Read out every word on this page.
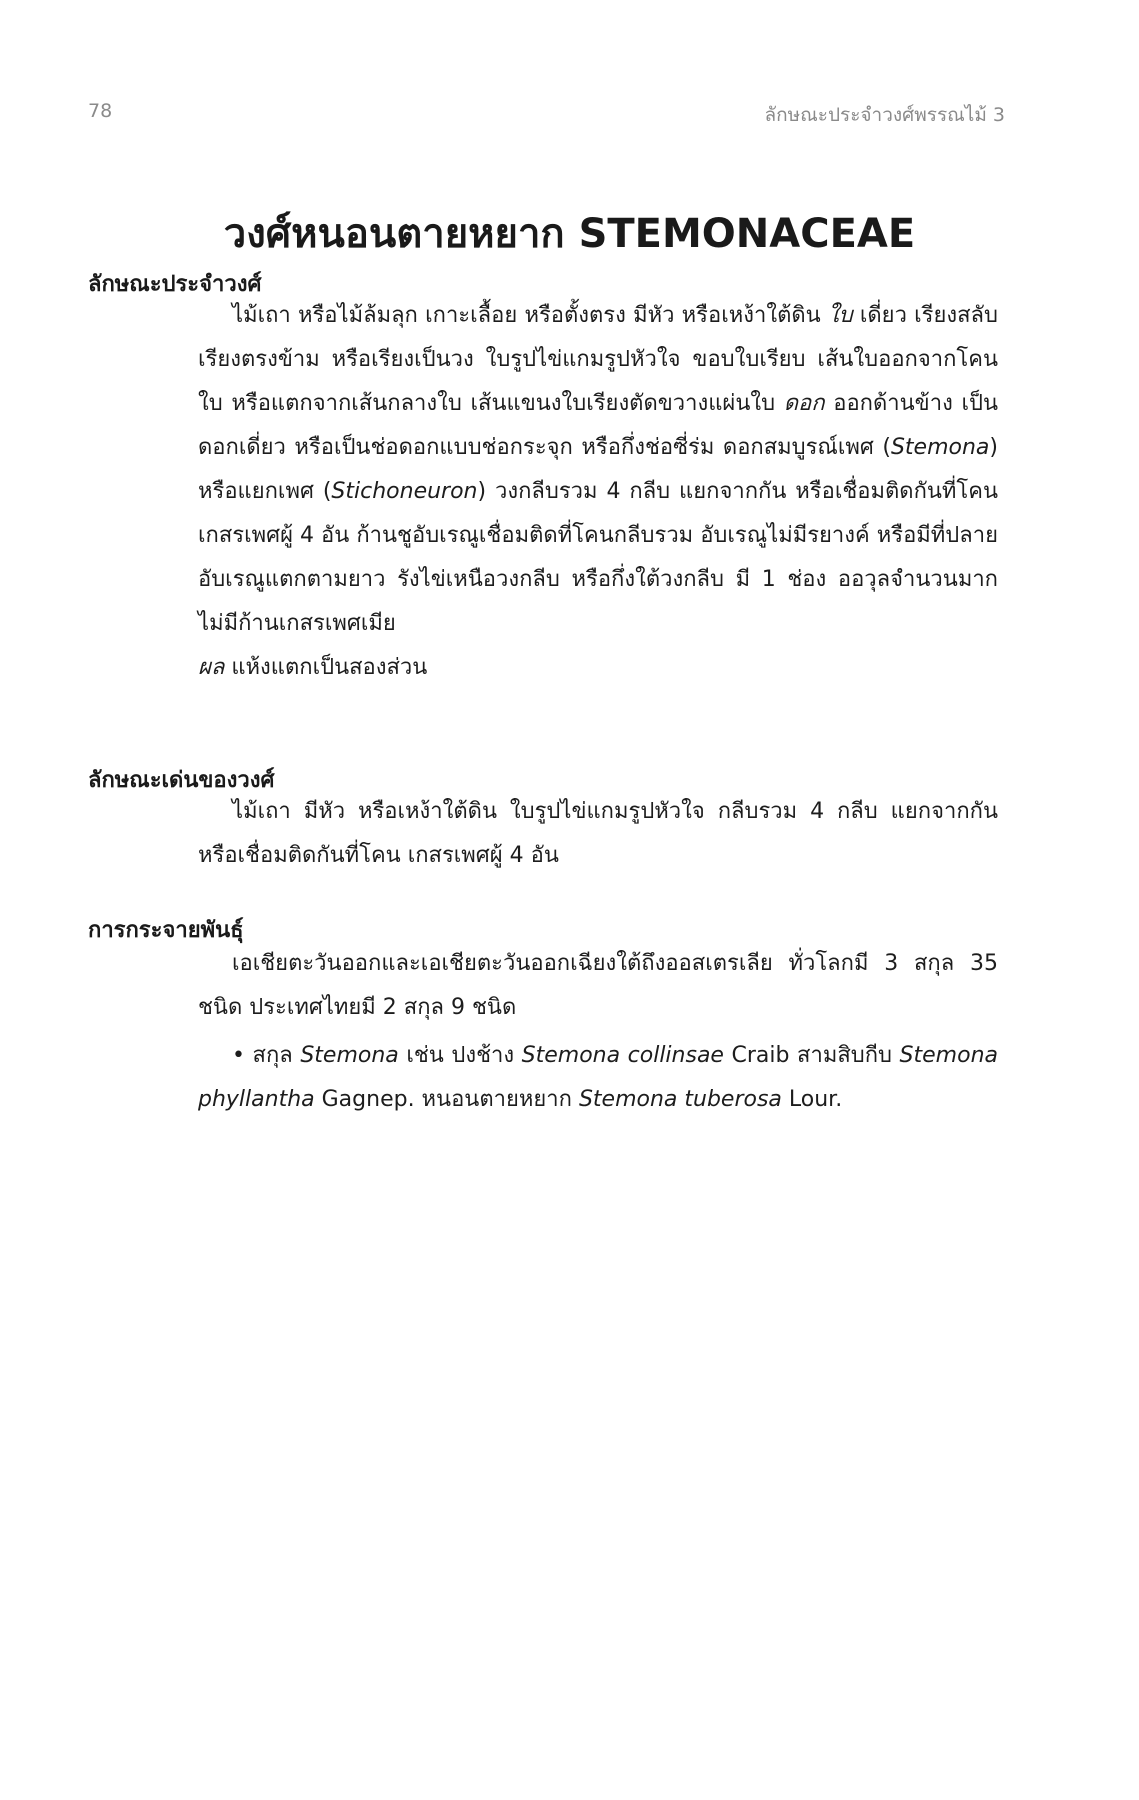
78	ลักษณะประจำวงศ์พรรณไม้ 3
วงศ์หนอนตายหยาก STEMONACEAE
ลักษณะประจำวงศ์

ไม้เถา หรือไม้ล้มลุก เกาะเลื้อย หรือตั้งตรง มีหัว หรือเหง้าใต้ดิน ใบ เดี่ยว เรียงสลับ เรียงตรงข้าม หรือเรียงเป็นวง ใบรูปไข่แกมรูปหัวใจ ขอบใบเรียบ เส้นใบออกจากโคนใบ หรือแตกจากเส้นกลางใบ เส้นแขนงใบเรียงตัดขวางแผ่นใบ ดอก ออกด้านข้าง เป็นดอกเดี่ยว หรือเป็นช่อดอกแบบช่อกระจุก หรือกึ่งช่อซี่ร่ม ดอกสมบูรณ์เพศ (Stemona) หรือแยกเพศ (Stichoneuron) วงกลีบรวม 4 กลีบ แยกจากกัน หรือเชื่อมติดกันที่โคน เกสรเพศผู้ 4 อัน ก้านชูอับเรณูเชื่อมติดที่โคนกลีบรวม อับเรณูไม่มีรยางค์ หรือมีที่ปลาย อับเรณูแตกตามยาว รังไข่เหนือวงกลีบ หรือกึ่งใต้วงกลีบ มี 1 ช่อง ออวุลจำนวนมาก ไม่มีก้านเกสรเพศเมีย
ผล แห้งแตกเป็นสองส่วน

ลักษณะเด่นของวงศ์

ไม้เถา มีหัว หรือเหง้าใต้ดิน ใบรูปไข่แกมรูปหัวใจ กลีบรวม 4 กลีบ แยกจากกัน หรือเชื่อมติดกันที่โคน เกสรเพศผู้ 4 อัน

การกระจายพันธุ์

เอเชียตะวันออกและเอเชียตะวันออกเฉียงใต้ถึงออสเตรเลีย ทั่วโลกมี 3 สกุล 35 ชนิด ประเทศไทยมี 2 สกุล 9 ชนิด

• สกุล Stemona เช่น ปงช้าง Stemona collinsae Craib สามสิบกีบ Stemona phyllantha Gagnep. หนอนตายหยาก Stemona tuberosa Lour.
